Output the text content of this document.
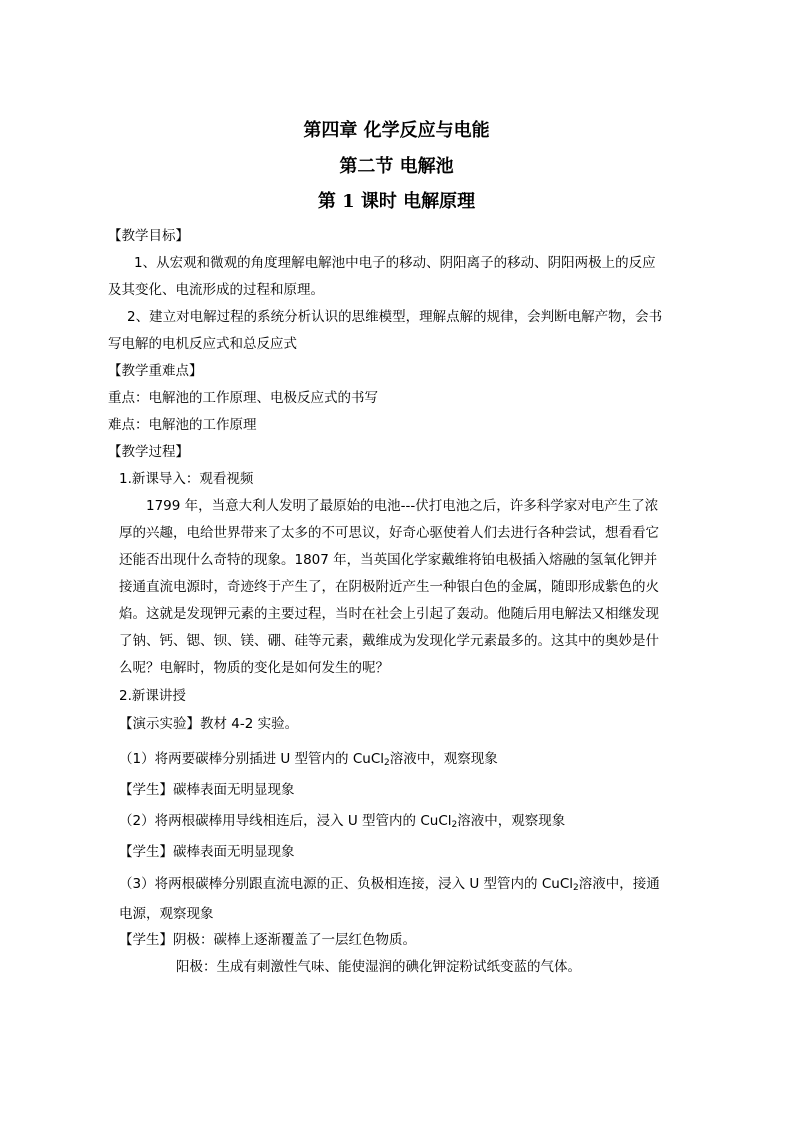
第四章 化学反应与电能
第二节 电解池
第 1 课时 电解原理
【教学目标】
1、从宏观和微观的角度理解电解池中电子的移动、阴阳离子的移动、阴阳两极上的反应
及其变化、电流形成的过程和原理。
2、建立对电解过程的系统分析认识的思维模型，理解点解的规律，会判断电解产物，会书
写电解的电机反应式和总反应式
【教学重难点】
重点：电解池的工作原理、电极反应式的书写
难点：电解池的工作原理
【教学过程】
1.新课导入：观看视频
1799 年，当意大利人发明了最原始的电池---伏打电池之后，许多科学家对电产生了浓
厚的兴趣，电给世界带来了太多的不可思议，好奇心驱使着人们去进行各种尝试，想看看它
还能否出现什么奇特的现象。1807 年，当英国化学家戴维将铂电极插入熔融的氢氧化钾并
接通直流电源时，奇迹终于产生了，在阴极附近产生一种银白色的金属，随即形成紫色的火
焰。这就是发现钾元素的主要过程，当时在社会上引起了轰动。他随后用电解法又相继发现
了钠、钙、锶、钡、镁、硼、硅等元素，戴维成为发现化学元素最多的。这其中的奥妙是什
么呢？电解时，物质的变化是如何发生的呢？
2.新课讲授
【演示实验】教材 4-2 实验。
（1）将两要碳棒分别插进 U 型管内的 CuCl$_2$溶液中，观察现象
【学生】碳棒表面无明显现象
（2）将两根碳棒用导线相连后，浸入 U 型管内的 CuCl$_2$溶液中，观察现象
【学生】碳棒表面无明显现象
（3）将两根碳棒分别跟直流电源的正、负极相连接，浸入 U 型管内的 CuCl$_2$溶液中，接通
电源，观察现象
【学生】阴极：碳棒上逐渐覆盖了一层红色物质。
阳极：生成有刺激性气味、能使湿润的碘化钾淀粉试纸变蓝的气体。
